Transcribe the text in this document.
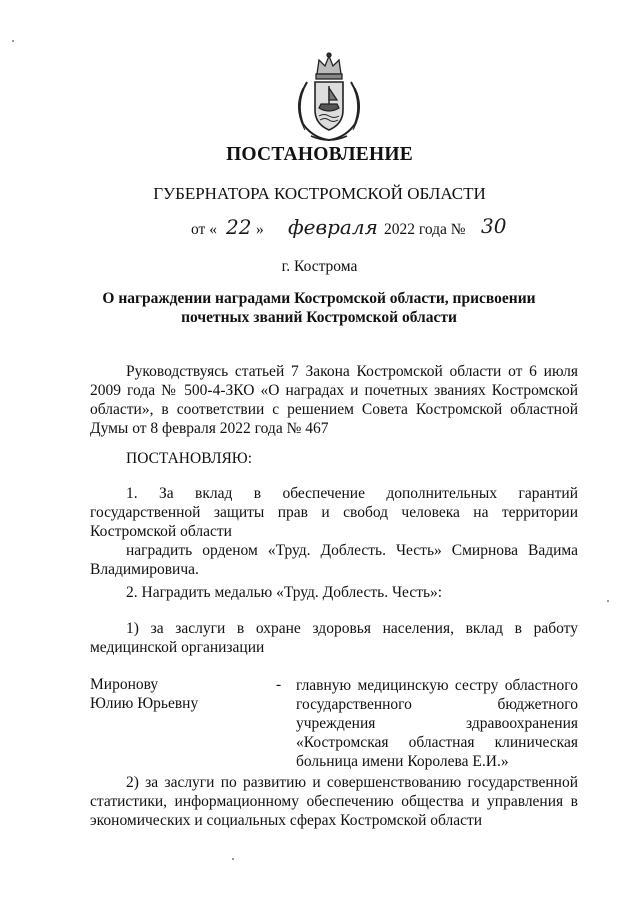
ПОСТАНОВЛЕНИЕ
ГУБЕРНАТОРА КОСТРОМСКОЙ ОБЛАСТИ
от « 22 » февраля 2022 года № 30
г. Кострома
О награждении наградами Костромской области, присвоении почетных званий Костромской области
Руководствуясь статьей 7 Закона Костромской области от 6 июля
2009 года № 500-4-ЗКО «О наградах и почетных званиях Костромской
области», в соответствии с решением Совета Костромской областной
Думы от 8 февраля 2022 года № 467
ПОСТАНОВЛЯЮ:
1. За вклад в обеспечение дополнительных гарантий
государственной защиты прав и свобод человека на территории
Костромской области
наградить орденом «Труд. Доблесть. Честь» Смирнова Вадима
Владимировича.
2. Наградить медалью «Труд. Доблесть. Честь»:
1) за заслуги в охране здоровья населения, вклад в работу
медицинской организации
Миронову
Юлию Юрьевну
- главную медицинскую сестру областного
государственного бюджетного
учреждения здравоохранения
«Костромская областная клиническая
больница имени Королева Е.И.»
2) за заслуги по развитию и совершенствованию государственной
статистики, информационному обеспечению общества и управления в
экономических и социальных сферах Костромской области
